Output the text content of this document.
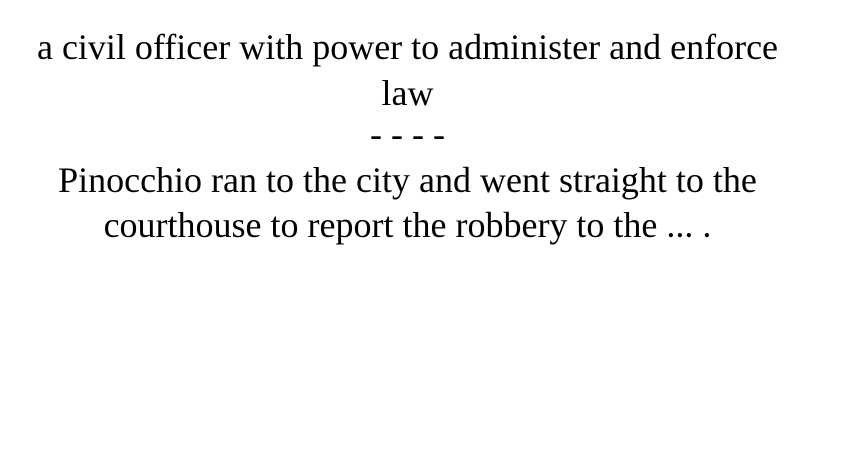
a civil officer with power to administer and enforce law
- - - -
Pinocchio ran to the city and went straight to the courthouse to report the robbery to the ... .
